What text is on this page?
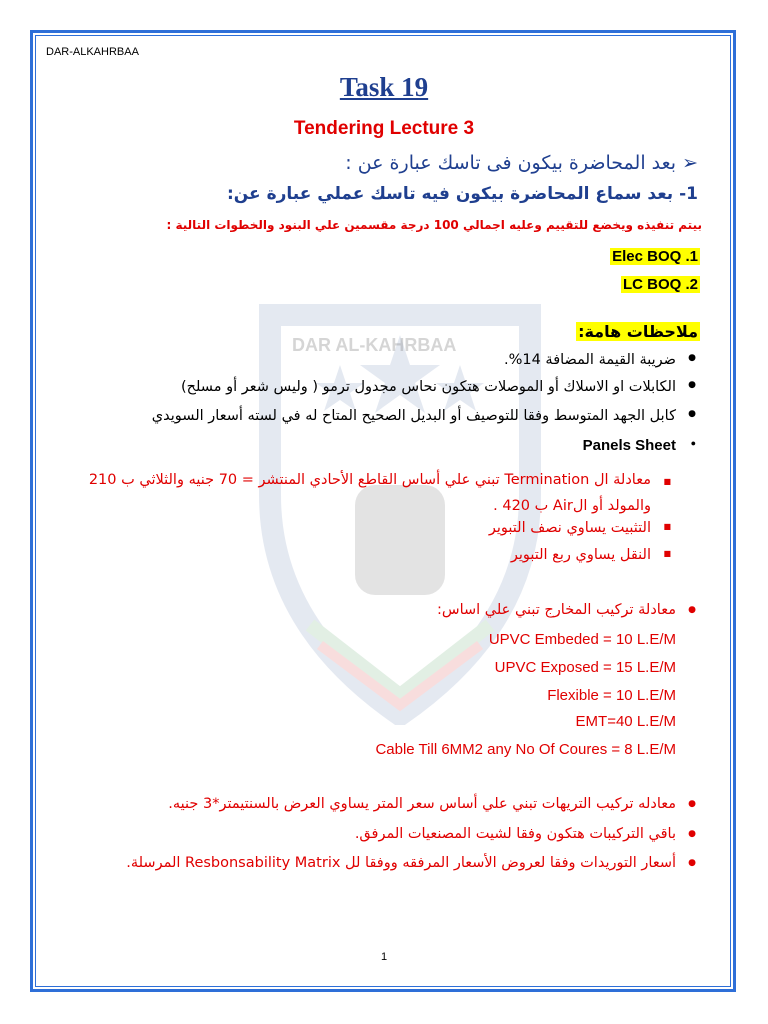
DAR AL-KAHRBAA
DAR-ALKAHRBAA
Task 19
Tendering Lecture 3
➢بعد المحاضرة بيكون فى تاسك عبارة عن :
1- بعد سماع المحاضرة بيكون فيه تاسك عملي عبارة عن:
بيتم تنفيذه ويخضع للتقييم وعليه اجمالي 100 درجة مقسمين علي البنود والخطوات التالية :
Elec BOQ .1
LC BOQ .2
ملاحظات هامة:
● ضريبة القيمة المضافة 14%.
● الكابلات او الاسلاك أو الموصلات هتكون نحاس مجدول ترمو ( وليس شعر أو مسلح)
● كابل الجهد المتوسط وفقا للتوصيف أو البديل الصحيح المتاح له في لسته أسعار السويدي
● Panels Sheet
■ معادلة ال Termination تبني علي أساس القاطع الأحادي المنتشر = 70 جنيه والثلاثي ب 210 والمولد أو الAir ب 420 .
■ التثبيت يساوي نصف التبوير
■ النقل يساوي ربع التبوير
● معادلة تركيب المخارج تبني علي اساس:
UPVC Embeded = 10 L.E/M
UPVC Exposed = 15 L.E/M
Flexible = 10 L.E/M
EMT=40 L.E/M
Cable Till 6MM2 any No Of Coures = 8 L.E/M
● معادله تركيب التريهات تبني علي أساس سعر المتر يساوي العرض بالسنتيمتر*3 جنيه.
● باقي التركيبات هتكون وفقا لشيت المصنعيات المرفق.
● أسعار التوريدات وفقا لعروض الأسعار المرفقه ووفقا لل Resbonsability Matrix المرسلة.
1
